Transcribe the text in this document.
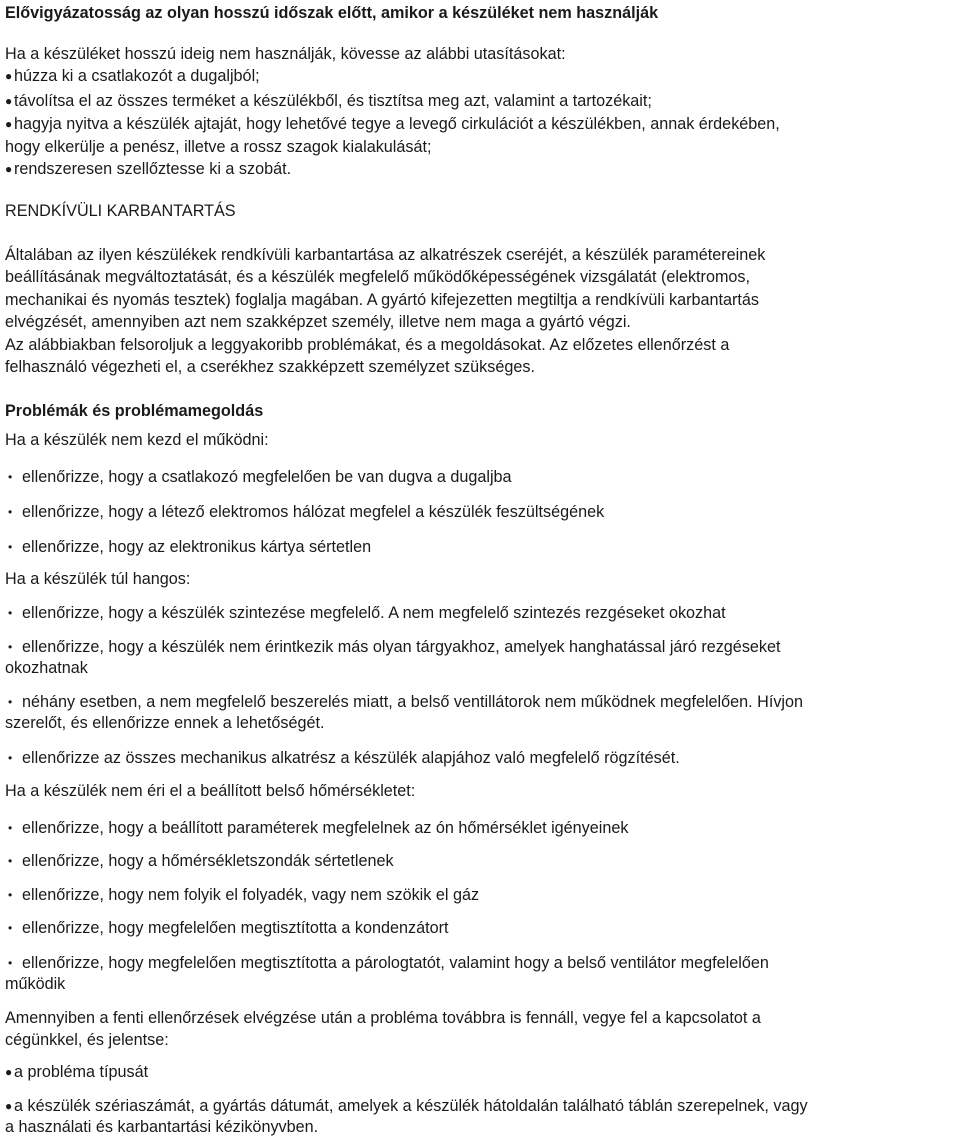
Elővigyázatosság az olyan hosszú időszak előtt, amikor a készüléket nem használják
Ha a készüléket hosszú ideig nem használják, kövesse az alábbi utasításokat:
● húzza ki a csatlakozót a dugaljból;
● távolítsa el az összes terméket a készülékből, és tisztítsa meg azt, valamint a tartozékait;
● hagyja nyitva a készülék ajtaját, hogy lehetővé tegye a levegő cirkulációt a készülékben, annak érdekében,
hogy elkerülje a penész, illetve a rossz szagok kialakulását;
● rendszeresen szellőztesse ki a szobát.
RENDKÍVÜLI KARBANTARTÁS
Általában az ilyen készülékek rendkívüli karbantartása az alkatrészek cseréjét, a készülék paramétereinek
beállításának megváltoztatását, és a készülék megfelelő működőképességének vizsgálatát (elektromos,
mechanikai és nyomás tesztek) foglalja magában. A gyártó kifejezetten megtiltja a rendkívüli karbantartás
elvégzését, amennyiben azt nem szakképzet személy, illetve nem maga a gyártó végzi.
Az alábbiakban felsoroljuk a leggyakoribb problémákat, és a megoldásokat. Az előzetes ellenőrzést a
felhasználó végezheti el, a cserékhez szakképzett személyzet szükséges.
Problémák és problémamegoldás
Ha a készülék nem kezd el működni:
• ellenőrizze, hogy a csatlakozó megfelelően be van dugva a dugaljba
• ellenőrizze, hogy a létező elektromos hálózat megfelel a készülék feszültségének
• ellenőrizze, hogy az elektronikus kártya sértetlen
Ha a készülék túl hangos:
• ellenőrizze, hogy a készülék szintezése megfelelő. A nem megfelelő szintezés rezgéseket okozhat
• ellenőrizze, hogy a készülék nem érintkezik más olyan tárgyakhoz, amelyek hanghatással járó rezgéseket
okozhatnak
• néhány esetben, a nem megfelelő beszerelés miatt, a belső ventillátorok nem működnek megfelelően. Hívjon
szerelőt, és ellenőrizze ennek a lehetőségét.
• ellenőrizze az összes mechanikus alkatrész a készülék alapjához való megfelelő rögzítését.
Ha a készülék nem éri el a beállított belső hőmérsékletet:
• ellenőrizze, hogy a beállított paraméterek megfelelnek az ón hőmérséklet igényeinek
• ellenőrizze, hogy a hőmérsékletszondák sértetlenek
• ellenőrizze, hogy nem folyik el folyadék, vagy nem szökik el gáz
• ellenőrizze, hogy megfelelően megtisztította a kondenzátort
• ellenőrizze, hogy megfelelően megtisztította a párologtatót, valamint hogy a belső ventilátor megfelelően
működik
Amennyiben a fenti ellenőrzések elvégzése után a probléma továbbra is fennáll, vegye fel a kapcsolatot a
cégünkkel, és jelentse:
● a probléma típusát
● a készülék szériaszámát, a gyártás dátumát, amelyek a készülék hátoldalán található táblán szerepelnek, vagy
a használati és karbantartási kézikönyvben.
